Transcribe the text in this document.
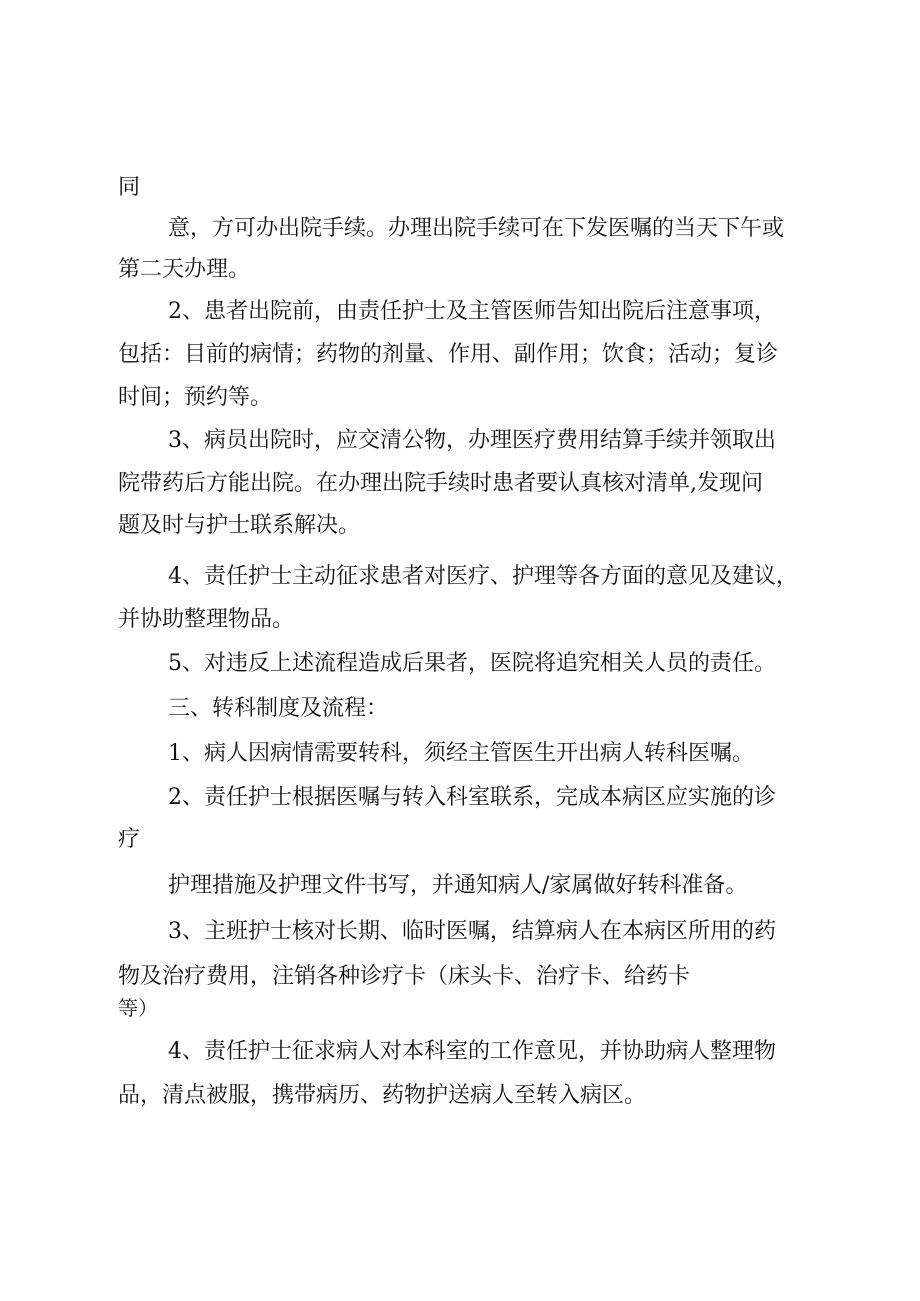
同
意，方可办出院手续。办理出院手续可在下发医嘱的当天下午或
第二天办理。
2、患者出院前，由责任护士及主管医师告知出院后注意事项，
包括：目前的病情；药物的剂量、作用、副作用；饮食；活动；复诊
时间；预约等。
3、病员出院时，应交清公物，办理医疗费用结算手续并领取出
院带药后方能出院。在办理出院手续时患者要认真核对清单,发现问
题及时与护士联系解决。
4、责任护士主动征求患者对医疗、护理等各方面的意见及建议，
并协助整理物品。
5、对违反上述流程造成后果者，医院将追究相关人员的责任。
三、转科制度及流程：
1、病人因病情需要转科，须经主管医生开出病人转科医嘱。
2、责任护士根据医嘱与转入科室联系，完成本病区应实施的诊
疗
护理措施及护理文件书写，并通知病人/家属做好转科准备。
3、主班护士核对长期、临时医嘱，结算病人在本病区所用的药
物及治疗费用，注销各种诊疗卡（床头卡、治疗卡、给药卡
等）
4、责任护士征求病人对本科室的工作意见，并协助病人整理物
品，清点被服，携带病历、药物护送病人至转入病区。
